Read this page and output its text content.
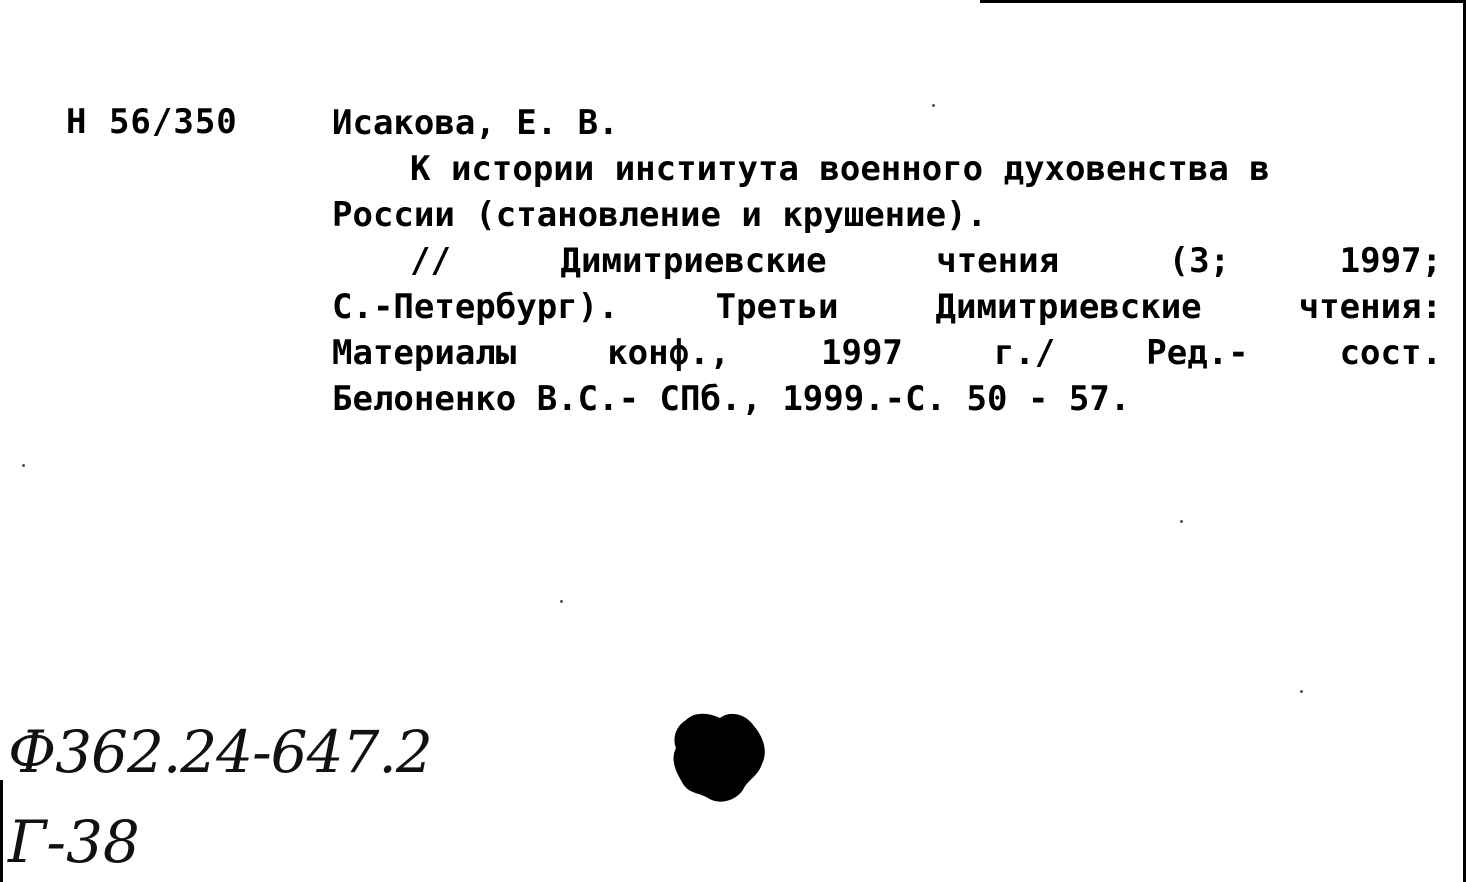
Н 56/350	Исакова, Е. В.
К истории института военного духовенства в
России (становление и крушение).
//	Димитриевские	чтения	(3;	1997;
С.-Петербург).	Третьи	Димитриевские	чтения:
Материалы	конф.,	1997	г./	Ред.-	сост.
Белоненко В.С.- СПб., 1999.-С. 50 - 57.
Ф362.24-647.2
Г-38
